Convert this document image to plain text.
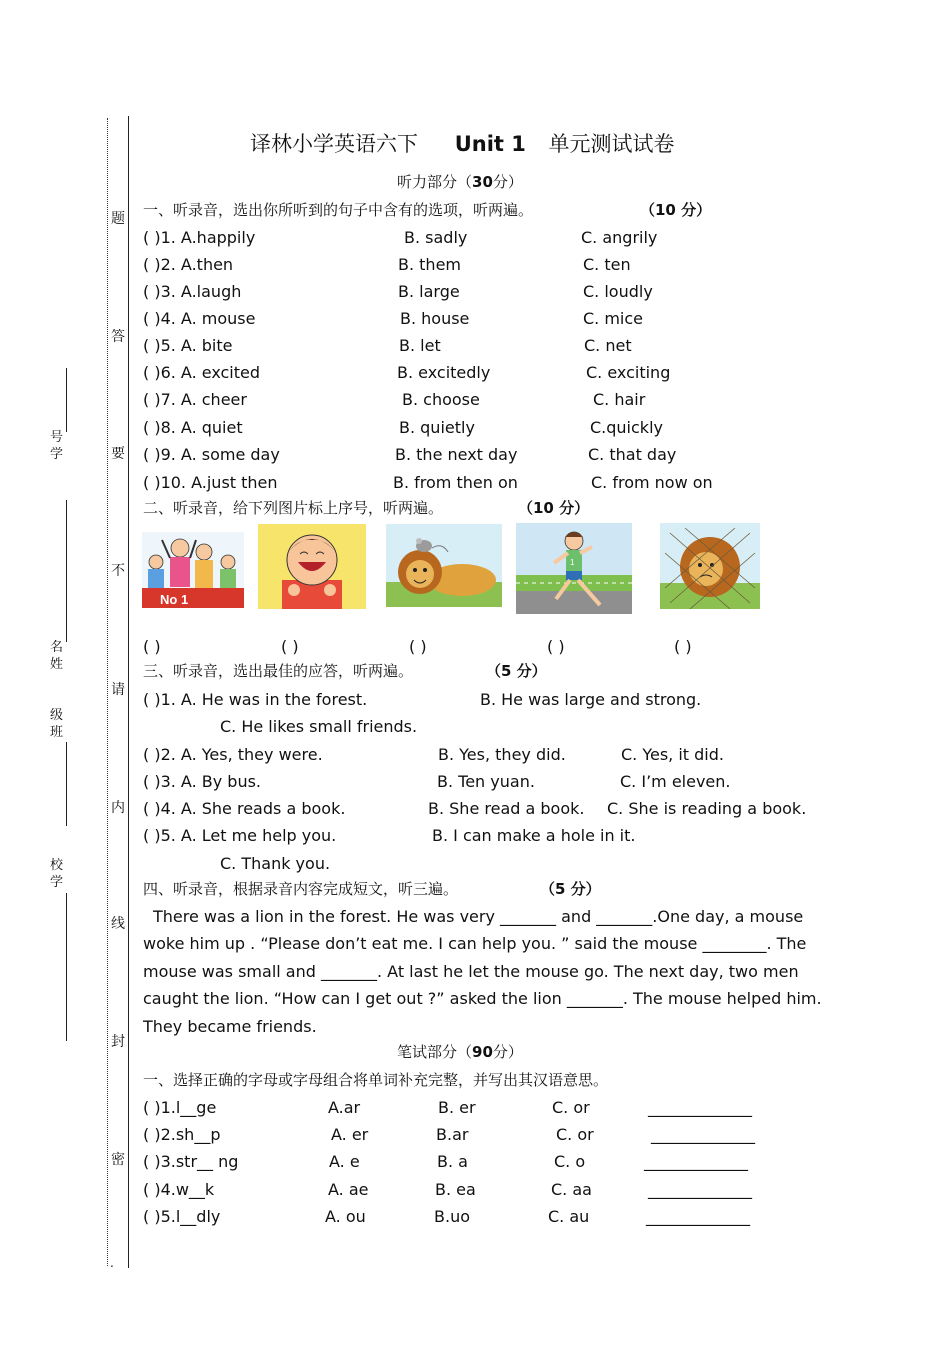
题
答
要
不
请
内
线
封
密
.
号
学
名
姓
级
班
校
学
译林小学英语六下 Unit 1 单元测试试卷
听力部分（30分）
一、听录音，选出你所听到的句子中含有的选项，听两遍。	（10 分）
( )1. A.happily	B. sadly	C. angrily
( )2. A.then	B. them	C. ten
( )3. A.laugh	B. large	C. loudly
( )4. A. mouse	B. house	C. mice
( )5. A. bite	B. let	C. net
( )6. A. excited	B. excitedly	C. exciting
( )7. A. cheer	B. choose	C. hair
( )8. A. quiet	B. quietly	C.quickly
( )9. A. some day	B. the next day	C. that day
( )10. A.just then	B. from then on	C. from now on
二、听录音，给下列图片标上序号，听两遍。	（10 分）
No 1
1
( )	( )	( )	( )	( )
三、听录音，选出最佳的应答，听两遍。	（5 分）
( )1. A. He was in the forest.	B. He was large and strong.
C. He likes small friends.
( )2. A. Yes, they were.	B. Yes, they did.	C. Yes, it did.
( )3. A. By bus.	B. Ten yuan.	C. I’m eleven.
( )4. A. She reads a book.	B. She read a book. C. She is reading a book.
( )5. A. Let me help you.	B. I can make a hole in it.
C. Thank you.
四、听录音，根据录音内容完成短文，听三遍。	（5 分）
There was a lion in the forest. He was very _______ and _______.One day, a mouse
woke him up . “Please don’t eat me. I can help you. ” said the mouse ________. The
mouse was small and _______. At last he let the mouse go. The next day, two men
caught the lion. “How can I get out ?” asked the lion _______. The mouse helped him.
They became friends.
笔试部分（90分）
一、选择正确的字母或字母组合将单词补充完整，并写出其汉语意思。
( )1.l__ge	A.ar	B. er	C. or	_____________
( )2.sh__p	A. er	B.ar	C. or	_____________
( )3.str__ ng	A. e	B. a	C. o	_____________
( )4.w__k	A. ae	B. ea	C. aa	_____________
( )5.l__dly	A. ou	B.uo	C. au	_____________
